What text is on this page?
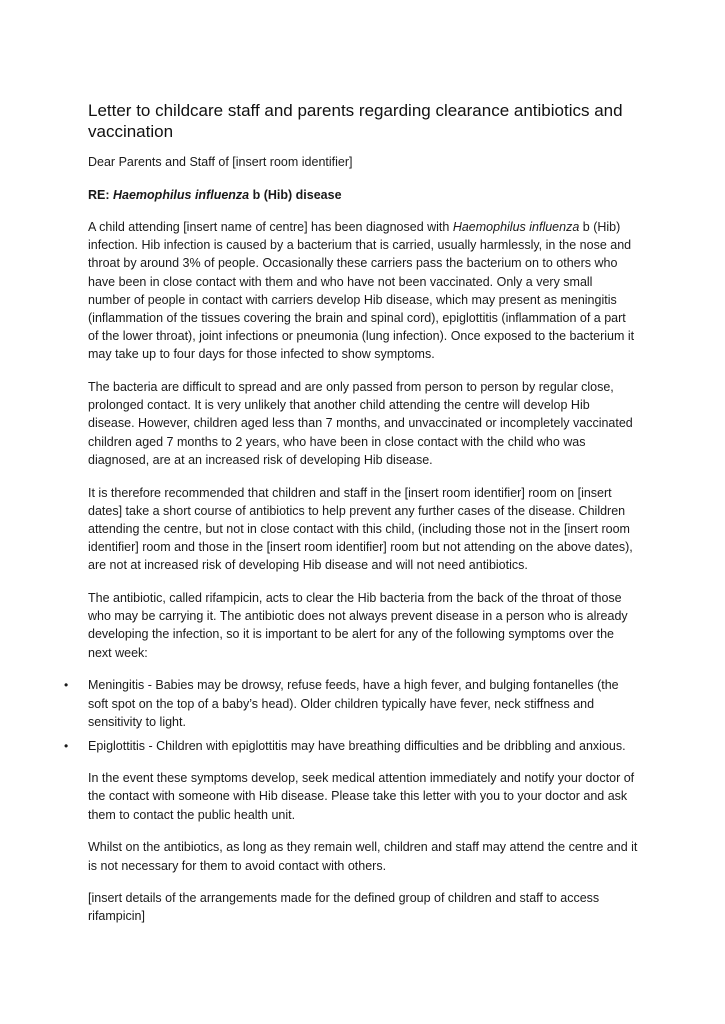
Letter to childcare staff and parents regarding clearance antibiotics and vaccination

Dear Parents and Staff of [insert room identifier]

RE: Haemophilus influenza b (Hib) disease

A child attending [insert name of centre] has been diagnosed with Haemophilus influenza b (Hib) infection. Hib infection is caused by a bacterium that is carried, usually harmlessly, in the nose and throat by around 3% of people. Occasionally these carriers pass the bacterium on to others who have been in close contact with them and who have not been vaccinated. Only a very small number of people in contact with carriers develop Hib disease, which may present as meningitis (inflammation of the tissues covering the brain and spinal cord), epiglottitis (inflammation of a part of the lower throat), joint infections or pneumonia (lung infection). Once exposed to the bacterium it may take up to four days for those infected to show symptoms.

The bacteria are difficult to spread and are only passed from person to person by regular close, prolonged contact. It is very unlikely that another child attending the centre will develop Hib disease. However, children aged less than 7 months, and unvaccinated or incompletely vaccinated children aged 7 months to 2 years, who have been in close contact with the child who was diagnosed, are at an increased risk of developing Hib disease.

It is therefore recommended that children and staff in the [insert room identifier] room on [insert dates] take a short course of antibiotics to help prevent any further cases of the disease. Children attending the centre, but not in close contact with this child, (including those not in the [insert room identifier] room and those in the [insert room identifier] room but not attending on the above dates), are not at increased risk of developing Hib disease and will not need antibiotics.

The antibiotic, called rifampicin, acts to clear the Hib bacteria from the back of the throat of those who may be carrying it. The antibiotic does not always prevent disease in a person who is already developing the infection, so it is important to be alert for any of the following symptoms over the next week:

• Meningitis - Babies may be drowsy, refuse feeds, have a high fever, and bulging fontanelles (the soft spot on the top of a baby’s head). Older children typically have fever, neck stiffness and sensitivity to light.
• Epiglottitis - Children with epiglottitis may have breathing difficulties and be dribbling and anxious.

In the event these symptoms develop, seek medical attention immediately and notify your doctor of the contact with someone with Hib disease. Please take this letter with you to your doctor and ask them to contact the public health unit.

Whilst on the antibiotics, as long as they remain well, children and staff may attend the centre and it is not necessary for them to avoid contact with others.

[insert details of the arrangements made for the defined group of children and staff to access rifampicin]
